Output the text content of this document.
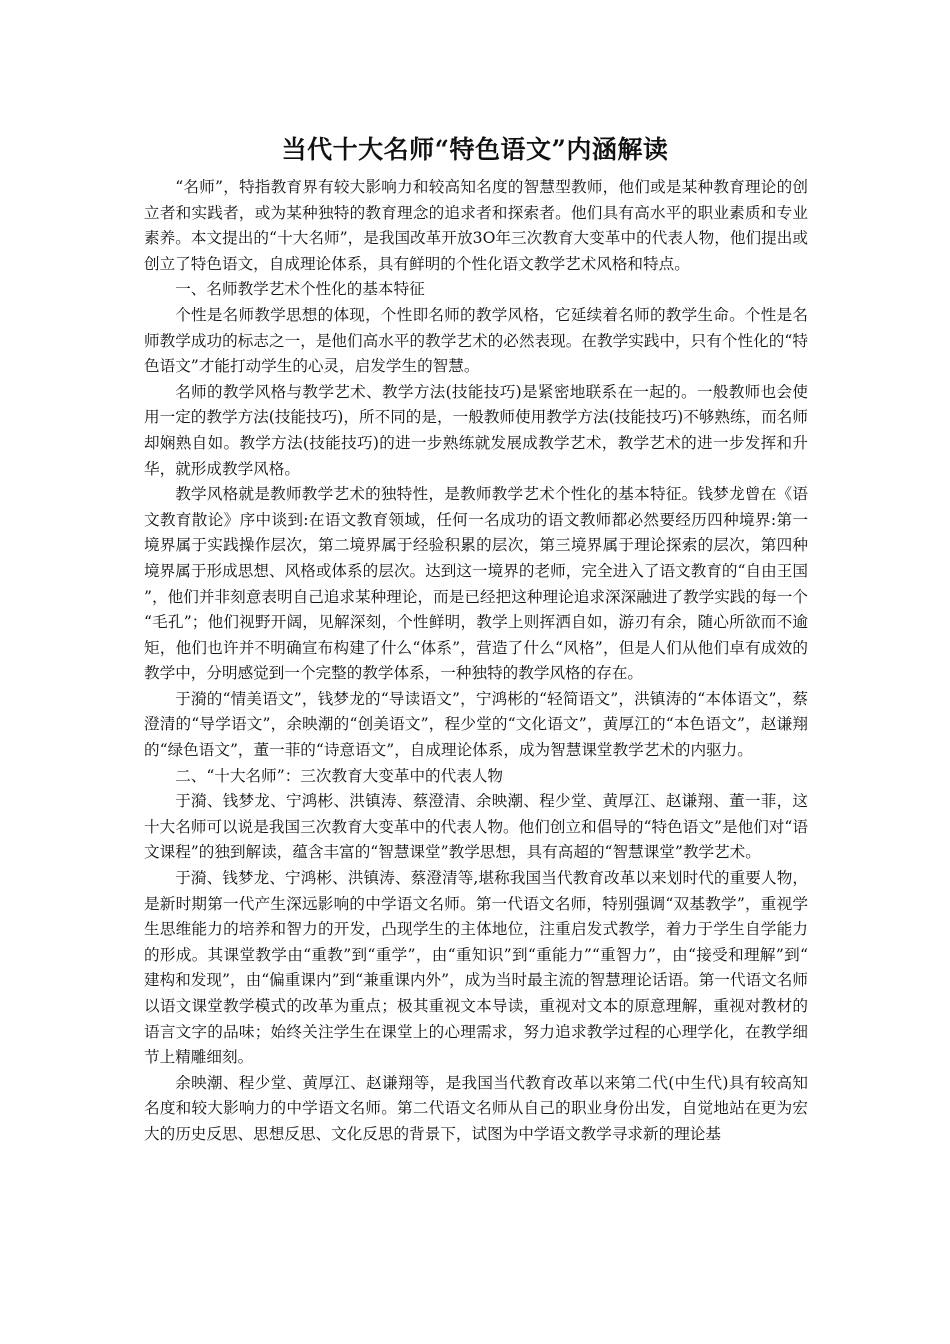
当代十大名师“特色语文”内涵解读

“名师”，特指教育界有较大影响力和较高知名度的智慧型教师，他们或是某种教育理论的创立者和实践者，或为某种独特的教育理念的追求者和探索者。他们具有高水平的职业素质和专业素养。本文提出的“十大名师”，是我国改革开放3O年三次教育大变革中的代表人物，他们提出或创立了特色语文，自成理论体系，具有鲜明的个性化语文教学艺术风格和特点。

一、名师教学艺术个性化的基本特征

个性是名师教学思想的体现，个性即名师的教学风格，它延续着名师的教学生命。个性是名师教学成功的标志之一，是他们高水平的教学艺术的必然表现。在教学实践中，只有个性化的“特色语文”才能打动学生的心灵，启发学生的智慧。

名师的教学风格与教学艺术、教学方法(技能技巧)是紧密地联系在一起的。一般教师也会使用一定的教学方法(技能技巧)，所不同的是，一般教师使用教学方法(技能技巧)不够熟练，而名师却娴熟自如。教学方法(技能技巧)的进一步熟练就发展成教学艺术，教学艺术的进一步发挥和升华，就形成教学风格。

教学风格就是教师教学艺术的独特性，是教师教学艺术个性化的基本特征。钱梦龙曾在《语文教育散论》序中谈到:在语文教育领域，任何一名成功的语文教师都必然要经历四种境界:第一境界属于实践操作层次，第二境界属于经验积累的层次，第三境界属于理论探索的层次，第四种境界属于形成思想、风格或体系的层次。达到这一境界的老师，完全进入了语文教育的“自由王国”，他们并非刻意表明自己追求某种理论，而是已经把这种理论追求深深融进了教学实践的每一个“毛孔”；他们视野开阔，见解深刻，个性鲜明，教学上则挥洒自如，游刃有余，随心所欲而不逾矩，他们也许并不明确宣布构建了什么“体系”，营造了什么“风格”，但是人们从他们卓有成效的教学中，分明感觉到一个完整的教学体系，一种独特的教学风格的存在。

于漪的“情美语文”，钱梦龙的“导读语文”，宁鸿彬的“轻简语文”，洪镇涛的“本体语文”，蔡澄清的“导学语文”，余映潮的“创美语文”，程少堂的“文化语文”，黄厚江的“本色语文”，赵谦翔的“绿色语文”，董一菲的“诗意语文”，自成理论体系，成为智慧课堂教学艺术的内驱力。

二、“十大名师”：三次教育大变革中的代表人物

于漪、钱梦龙、宁鸿彬、洪镇涛、蔡澄清、余映潮、程少堂、黄厚江、赵谦翔、董一菲，这十大名师可以说是我国三次教育大变革中的代表人物。他们创立和倡导的“特色语文”是他们对“语文课程”的独到解读，蕴含丰富的“智慧课堂”教学思想，具有高超的“智慧课堂”教学艺术。

于漪、钱梦龙、宁鸿彬、洪镇涛、蔡澄清等,堪称我国当代教育改革以来划时代的重要人物，是新时期第一代产生深远影响的中学语文名师。第一代语文名师，特别强调“双基教学”，重视学生思维能力的培养和智力的开发，凸现学生的主体地位，注重启发式教学，着力于学生自学能力的形成。其课堂教学由“重教”到“重学”，由“重知识”到“重能力”“重智力”，由“接受和理解”到“建构和发现”，由“偏重课内”到“兼重课内外”，成为当时最主流的智慧理论话语。第一代语文名师以语文课堂教学模式的改革为重点；极其重视文本导读，重视对文本的原意理解，重视对教材的语言文字的品味；始终关注学生在课堂上的心理需求，努力追求教学过程的心理学化，在教学细节上精雕细刻。

余映潮、程少堂、黄厚江、赵谦翔等，是我国当代教育改革以来第二代(中生代)具有较高知名度和较大影响力的中学语文名师。第二代语文名师从自己的职业身份出发，自觉地站在更为宏大的历史反思、思想反思、文化反思的背景下，试图为中学语文教学寻求新的理论基
